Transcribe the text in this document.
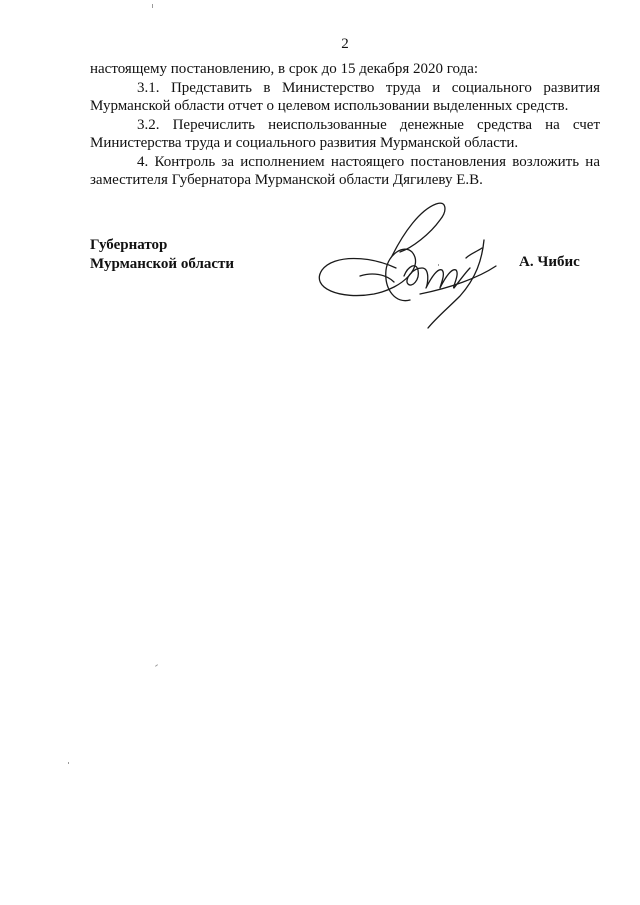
2

настоящему постановлению, в срок до 15 декабря 2020 года:

3.1. Представить в Министерство труда и социального развития Мурманской области отчет о целевом использовании выделенных средств.

3.2. Перечислить неиспользованные денежные средства на счет Министерства труда и социального развития Мурманской области.

4. Контроль за исполнением настоящего постановления возложить на заместителя Губернатора Мурманской области Дягилеву Е.В.

Губернатор
Мурманской области	А. Чибис
